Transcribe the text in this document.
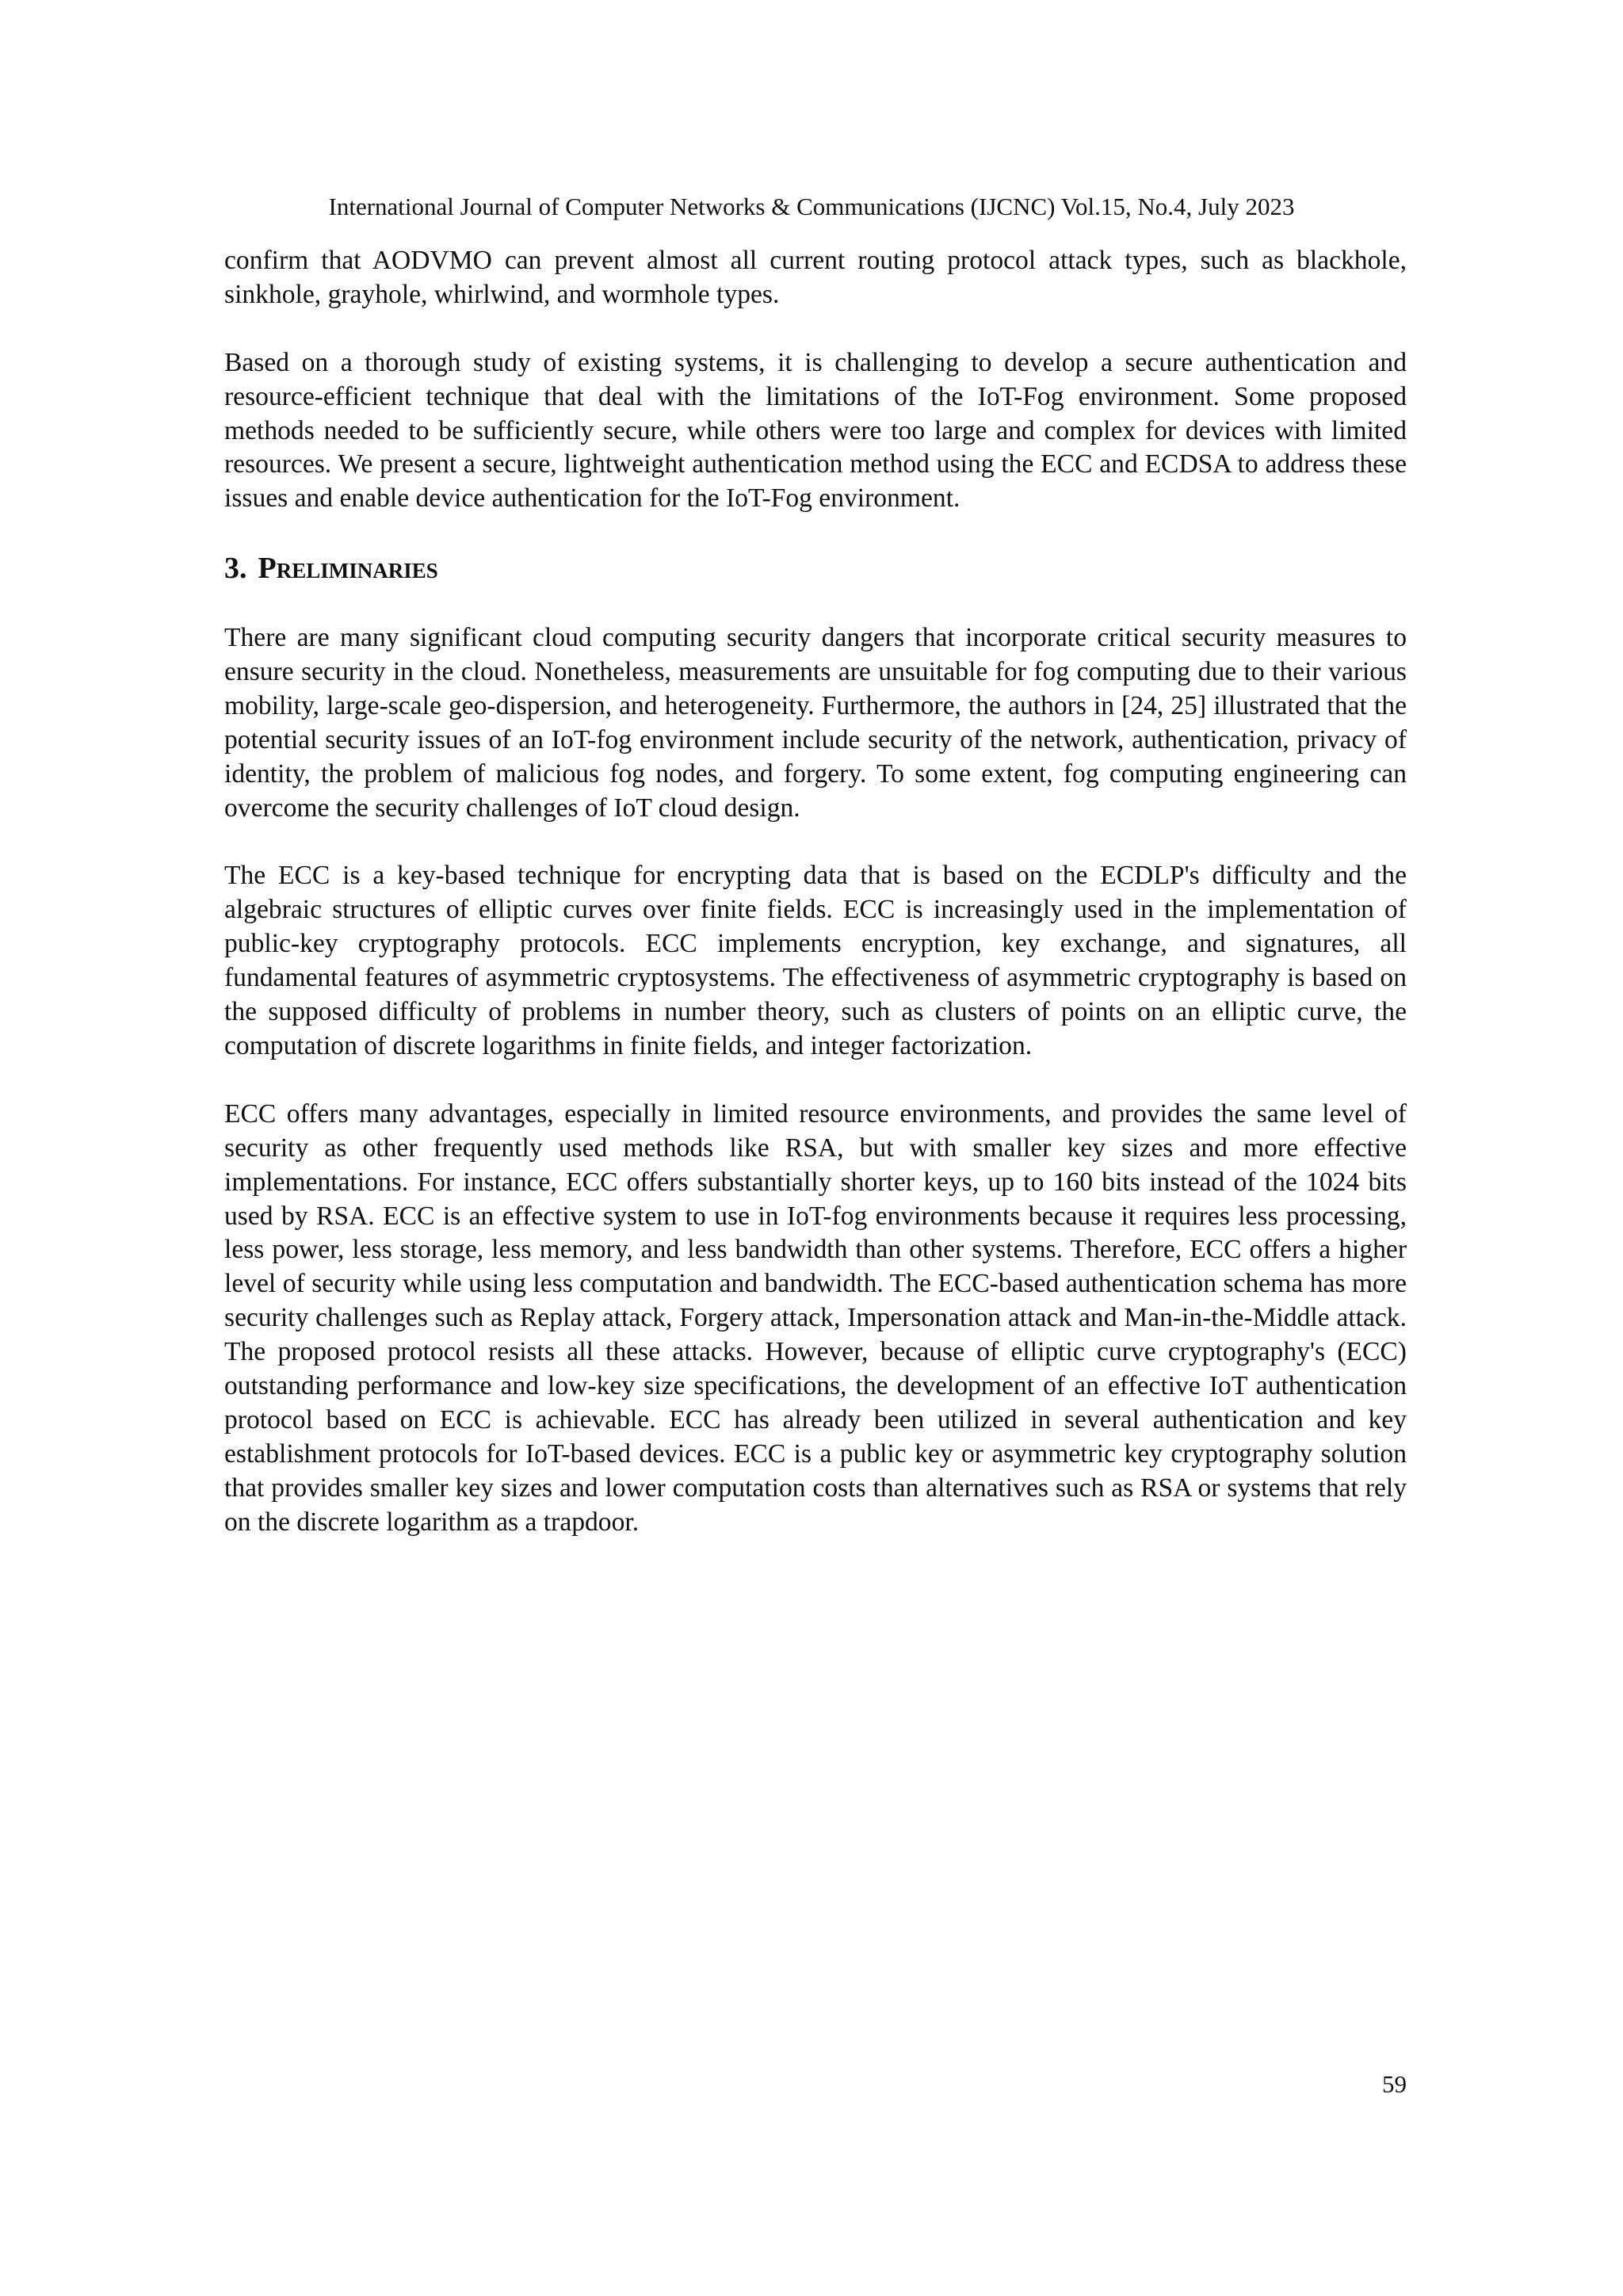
International Journal of Computer Networks & Communications (IJCNC) Vol.15, No.4, July 2023

confirm that AODVMO can prevent almost all current routing protocol attack types, such as blackhole, sinkhole, grayhole, whirlwind, and wormhole types.

Based on a thorough study of existing systems, it is challenging to develop a secure authentication and resource-efficient technique that deal with the limitations of the IoT-Fog environment. Some proposed methods needed to be sufficiently secure, while others were too large and complex for devices with limited resources. We present a secure, lightweight authentication method using the ECC and ECDSA to address these issues and enable device authentication for the IoT-Fog environment.

3. Preliminaries

There are many significant cloud computing security dangers that incorporate critical security measures to ensure security in the cloud. Nonetheless, measurements are unsuitable for fog computing due to their various mobility, large-scale geo-dispersion, and heterogeneity. Furthermore, the authors in [24, 25] illustrated that the potential security issues of an IoT-fog environment include security of the network, authentication, privacy of identity, the problem of malicious fog nodes, and forgery. To some extent, fog computing engineering can overcome the security challenges of IoT cloud design.

The ECC is a key-based technique for encrypting data that is based on the ECDLP's difficulty and the algebraic structures of elliptic curves over finite fields. ECC is increasingly used in the implementation of public-key cryptography protocols. ECC implements encryption, key exchange, and signatures, all fundamental features of asymmetric cryptosystems. The effectiveness of asymmetric cryptography is based on the supposed difficulty of problems in number theory, such as clusters of points on an elliptic curve, the computation of discrete logarithms in finite fields, and integer factorization.

ECC offers many advantages, especially in limited resource environments, and provides the same level of security as other frequently used methods like RSA, but with smaller key sizes and more effective implementations. For instance, ECC offers substantially shorter keys, up to 160 bits instead of the 1024 bits used by RSA. ECC is an effective system to use in IoT-fog environments because it requires less processing, less power, less storage, less memory, and less bandwidth than other systems. Therefore, ECC offers a higher level of security while using less computation and bandwidth. The ECC-based authentication schema has more security challenges such as Replay attack, Forgery attack, Impersonation attack and Man-in-the-Middle attack. The proposed protocol resists all these attacks. However, because of elliptic curve cryptography's (ECC) outstanding performance and low-key size specifications, the development of an effective IoT authentication protocol based on ECC is achievable. ECC has already been utilized in several authentication and key establishment protocols for IoT-based devices. ECC is a public key or asymmetric key cryptography solution that provides smaller key sizes and lower computation costs than alternatives such as RSA or systems that rely on the discrete logarithm as a trapdoor.

59
